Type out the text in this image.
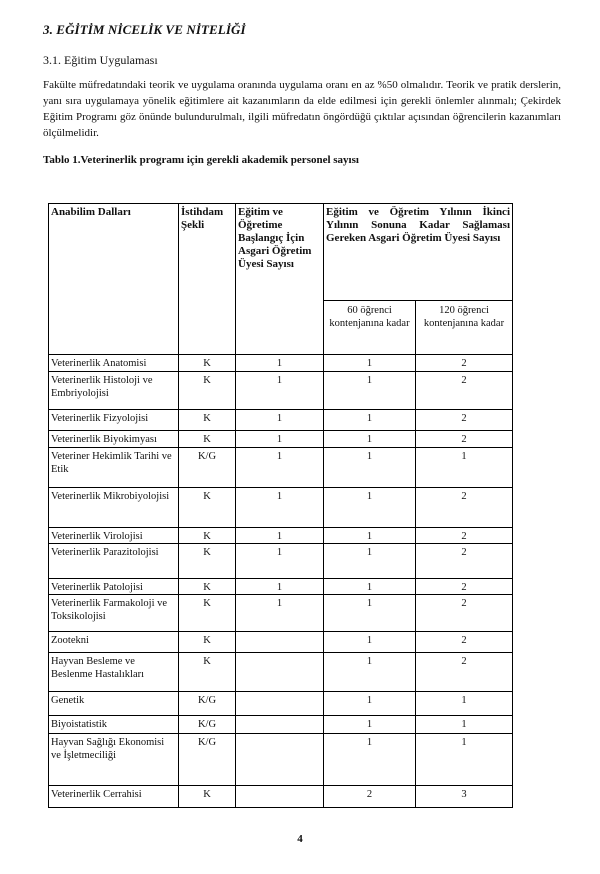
3. EĞİTİM NİCELİK VE NİTELİĞİ
3.1. Eğitim Uygulaması
Fakülte müfredatındaki teorik ve uygulama oranında uygulama oranı en az %50 olmalıdır. Teorik ve pratik derslerin, yanı sıra uygulamaya yönelik eğitimlere ait kazanımların da elde edilmesi için gerekli önlemler alınmalı; Çekirdek Eğitim Programı göz önünde bulundurulmalı, ilgili müfredatın öngördüğü çıktılar açısından öğrencilerin kazanımları ölçülmelidir.
Tablo 1.Veterinerlik programı için gerekli akademik personel sayısı
Anabilim Dalları	İstihdam Şekli	Eğitim ve Öğretime Başlangıç İçin Asgari Öğretim Üyesi Sayısı	Eğitim ve Öğretim Yılının İkinci Yılının Sonuna Kadar Sağlaması Gereken Asgari Öğretim Üyesi Sayısı	
			60 öğrenci kontenjanına kadar	120 öğrenci kontenjanına kadar
Veterinerlik Anatomisi	K	1	1	2
Veterinerlik Histoloji ve Embriyolojisi	K	1	1	2
Veterinerlik Fizyolojisi	K	1	1	2
Veterinerlik Biyokimyası	K	1	1	2
Veteriner Hekimlik Tarihi ve Etik	K/G	1	1	1
Veterinerlik Mikrobiyolojisi	K	1	1	2
Veterinerlik Virolojisi	K	1	1	2
Veterinerlik Parazitolojisi	K	1	1	2
Veterinerlik Patolojisi	K	1	1	2
Veterinerlik Farmakoloji ve Toksikolojisi	K	1	1	2
Zootekni	K		1	2
Hayvan Besleme ve Beslenme Hastalıkları	K		1	2
Genetik	K/G		1	1
Biyoistatistik	K/G		1	1
Hayvan Sağlığı Ekonomisi ve İşletmeciliği	K/G		1	1
Veterinerlik Cerrahisi	K		2	3
4
